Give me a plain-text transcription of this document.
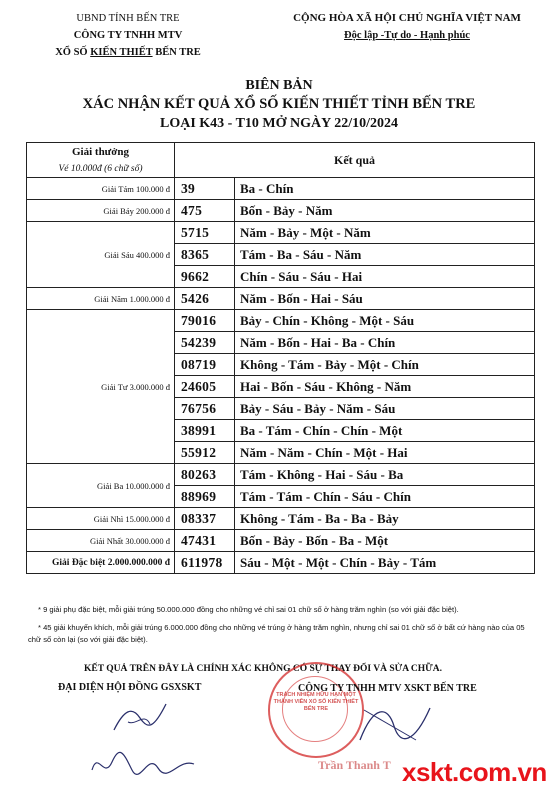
UBND TỈNH BẾN TRE
CÔNG TY TNHH MTV
XỔ SỐ KIẾN THIẾT BẾN TRE
CỘNG HÒA XÃ HỘI CHỦ NGHĨA VIỆT NAM
Độc lập -Tự do - Hạnh phúc
BIÊN BẢN
XÁC NHẬN KẾT QUẢ XỔ SỐ KIẾN THIẾT TỈNH BẾN TRE
LOẠI K43 - T10 MỞ NGÀY 22/10/2024
Giải thưởng	Kết quả	
Vé 10.000đ (6 chữ số)		
Giải Tám 100.000 đ	39	Ba - Chín
Giải Bảy 200.000 đ	475	Bốn - Bảy - Năm
Giải Sáu 400.000 đ	5715	Năm - Bảy - Một - Năm
	8365	Tám - Ba - Sáu - Năm
	9662	Chín - Sáu - Sáu - Hai
Giải Năm 1.000.000 đ	5426	Năm - Bốn - Hai - Sáu
Giải Tư 3.000.000 đ	79016	Bảy - Chín - Không - Một - Sáu
	54239	Năm - Bốn - Hai - Ba - Chín
	08719	Không - Tám - Bảy - Một - Chín
	24605	Hai - Bốn - Sáu - Không - Năm
	76756	Bảy - Sáu - Bảy - Năm - Sáu
	38991	Ba - Tám - Chín - Chín - Một
	55912	Năm - Năm - Chín - Một - Hai
Giải Ba 10.000.000 đ	80263	Tám - Không - Hai - Sáu - Ba
	88969	Tám - Tám - Chín - Sáu - Chín
Giải Nhì 15.000.000 đ	08337	Không - Tám - Ba - Ba - Bảy
Giải Nhất 30.000.000 đ	47431	Bốn - Bảy - Bốn - Ba - Một
Giải Đặc biệt 2.000.000.000 đ	611978	Sáu - Một - Một - Chín - Bảy - Tám

* 9 giải phụ đặc biệt, mỗi giải trúng 50.000.000 đồng cho những vé chỉ sai 01 chữ số ở hàng trăm nghìn (so với giải đặc biệt).

* 45 giải khuyến khích, mỗi giải trúng 6.000.000 đồng cho những vé trúng ở hàng trăm nghìn, nhưng chỉ sai 01 chữ số ở bất cứ hàng nào của 05 chữ số còn lại (so với giải đặc biệt).

KẾT QUẢ TRÊN ĐÂY LÀ CHÍNH XÁC KHÔNG CÓ SỰ THAY ĐỔI VÀ SỬA CHỮA.
ĐẠI DIỆN HỘI ĐỒNG GSXSKT
TRÁCH NHIỆM HỮU HẠN MỘT THÀNH VIÊN XỔ SỐ KIẾN THIẾT BẾN TRE
CÔNG TY TNHH MTV XSKT BẾN TRE
Trần Thanh T xskt.com.vn
